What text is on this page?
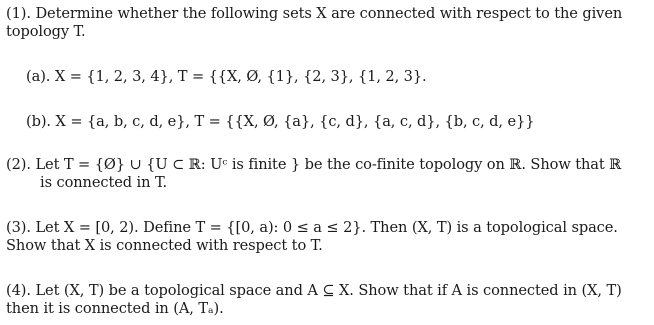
(1). Determine whether the following sets X are connected with respect to the given
topology T.
(a). X = {1, 2, 3, 4}, T = {{X, Ø, {1}, {2, 3}, {1, 2, 3}.
(b). X = {a, b, c, d, e}, T = {{X, Ø, {a}, {c, d}, {a, c, d}, {b, c, d, e}}
(2). Let T = {Ø} ∪ {U ⊂ ℝ: Uᶜ is finite } be the co-finite topology on ℝ. Show that ℝ
is connected in T.
(3). Let X = [0, 2). Define T = {[0, a): 0 ≤ a ≤ 2}. Then (X, T) is a topological space.
Show that X is connected with respect to T.
(4). Let (X, T) be a topological space and A ⊆ X. Show that if A is connected in (X, T)
then it is connected in (A, Tₐ).
